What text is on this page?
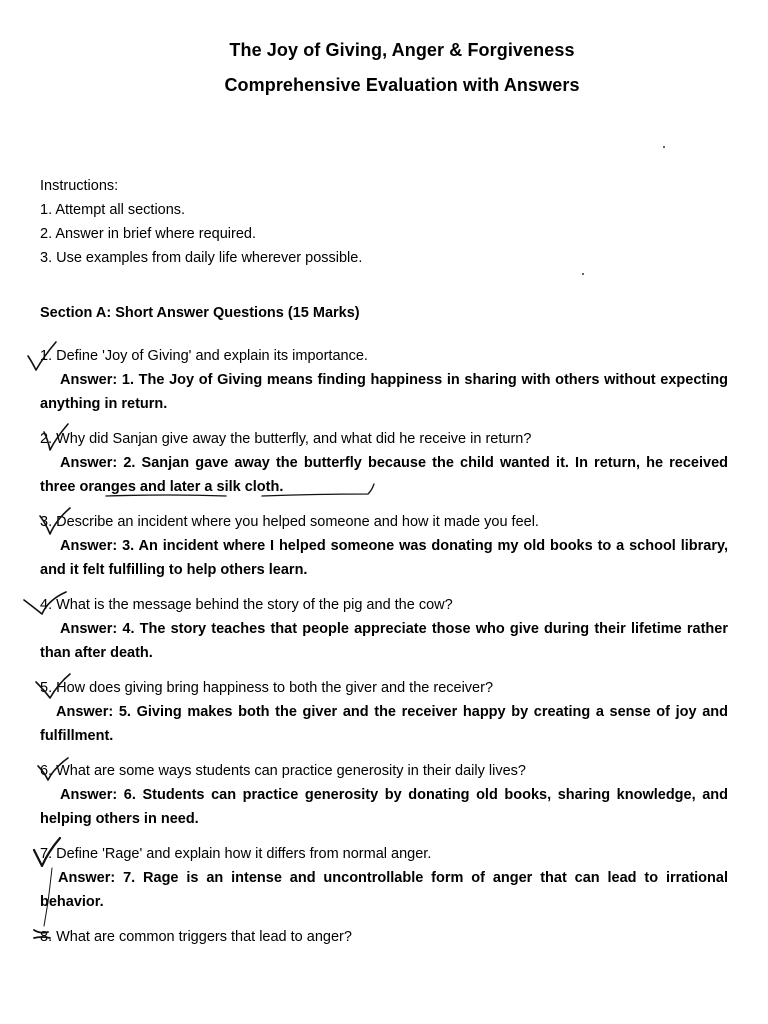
The Joy of Giving, Anger & Forgiveness
Comprehensive Evaluation with Answers
Instructions:
1. Attempt all sections.
2. Answer in brief where required.
3. Use examples from daily life wherever possible.
Section A: Short Answer Questions (15 Marks)
1. Define 'Joy of Giving' and explain its importance.
Answer: 1. The Joy of Giving means finding happiness in sharing with others without expecting anything in return.
2. Why did Sanjan give away the butterfly, and what did he receive in return?
Answer: 2. Sanjan gave away the butterfly because the child wanted it. In return, he received three oranges and later a silk cloth.
3. Describe an incident where you helped someone and how it made you feel.
Answer: 3. An incident where I helped someone was donating my old books to a school library, and it felt fulfilling to help others learn.
4. What is the message behind the story of the pig and the cow?
Answer: 4. The story teaches that people appreciate those who give during their lifetime rather than after death.
5. How does giving bring happiness to both the giver and the receiver?
Answer: 5. Giving makes both the giver and the receiver happy by creating a sense of joy and fulfillment.
6. What are some ways students can practice generosity in their daily lives?
Answer: 6. Students can practice generosity by donating old books, sharing knowledge, and helping others in need.
7. Define 'Rage' and explain how it differs from normal anger.
Answer: 7. Rage is an intense and uncontrollable form of anger that can lead to irrational behavior.
8. What are common triggers that lead to anger?
